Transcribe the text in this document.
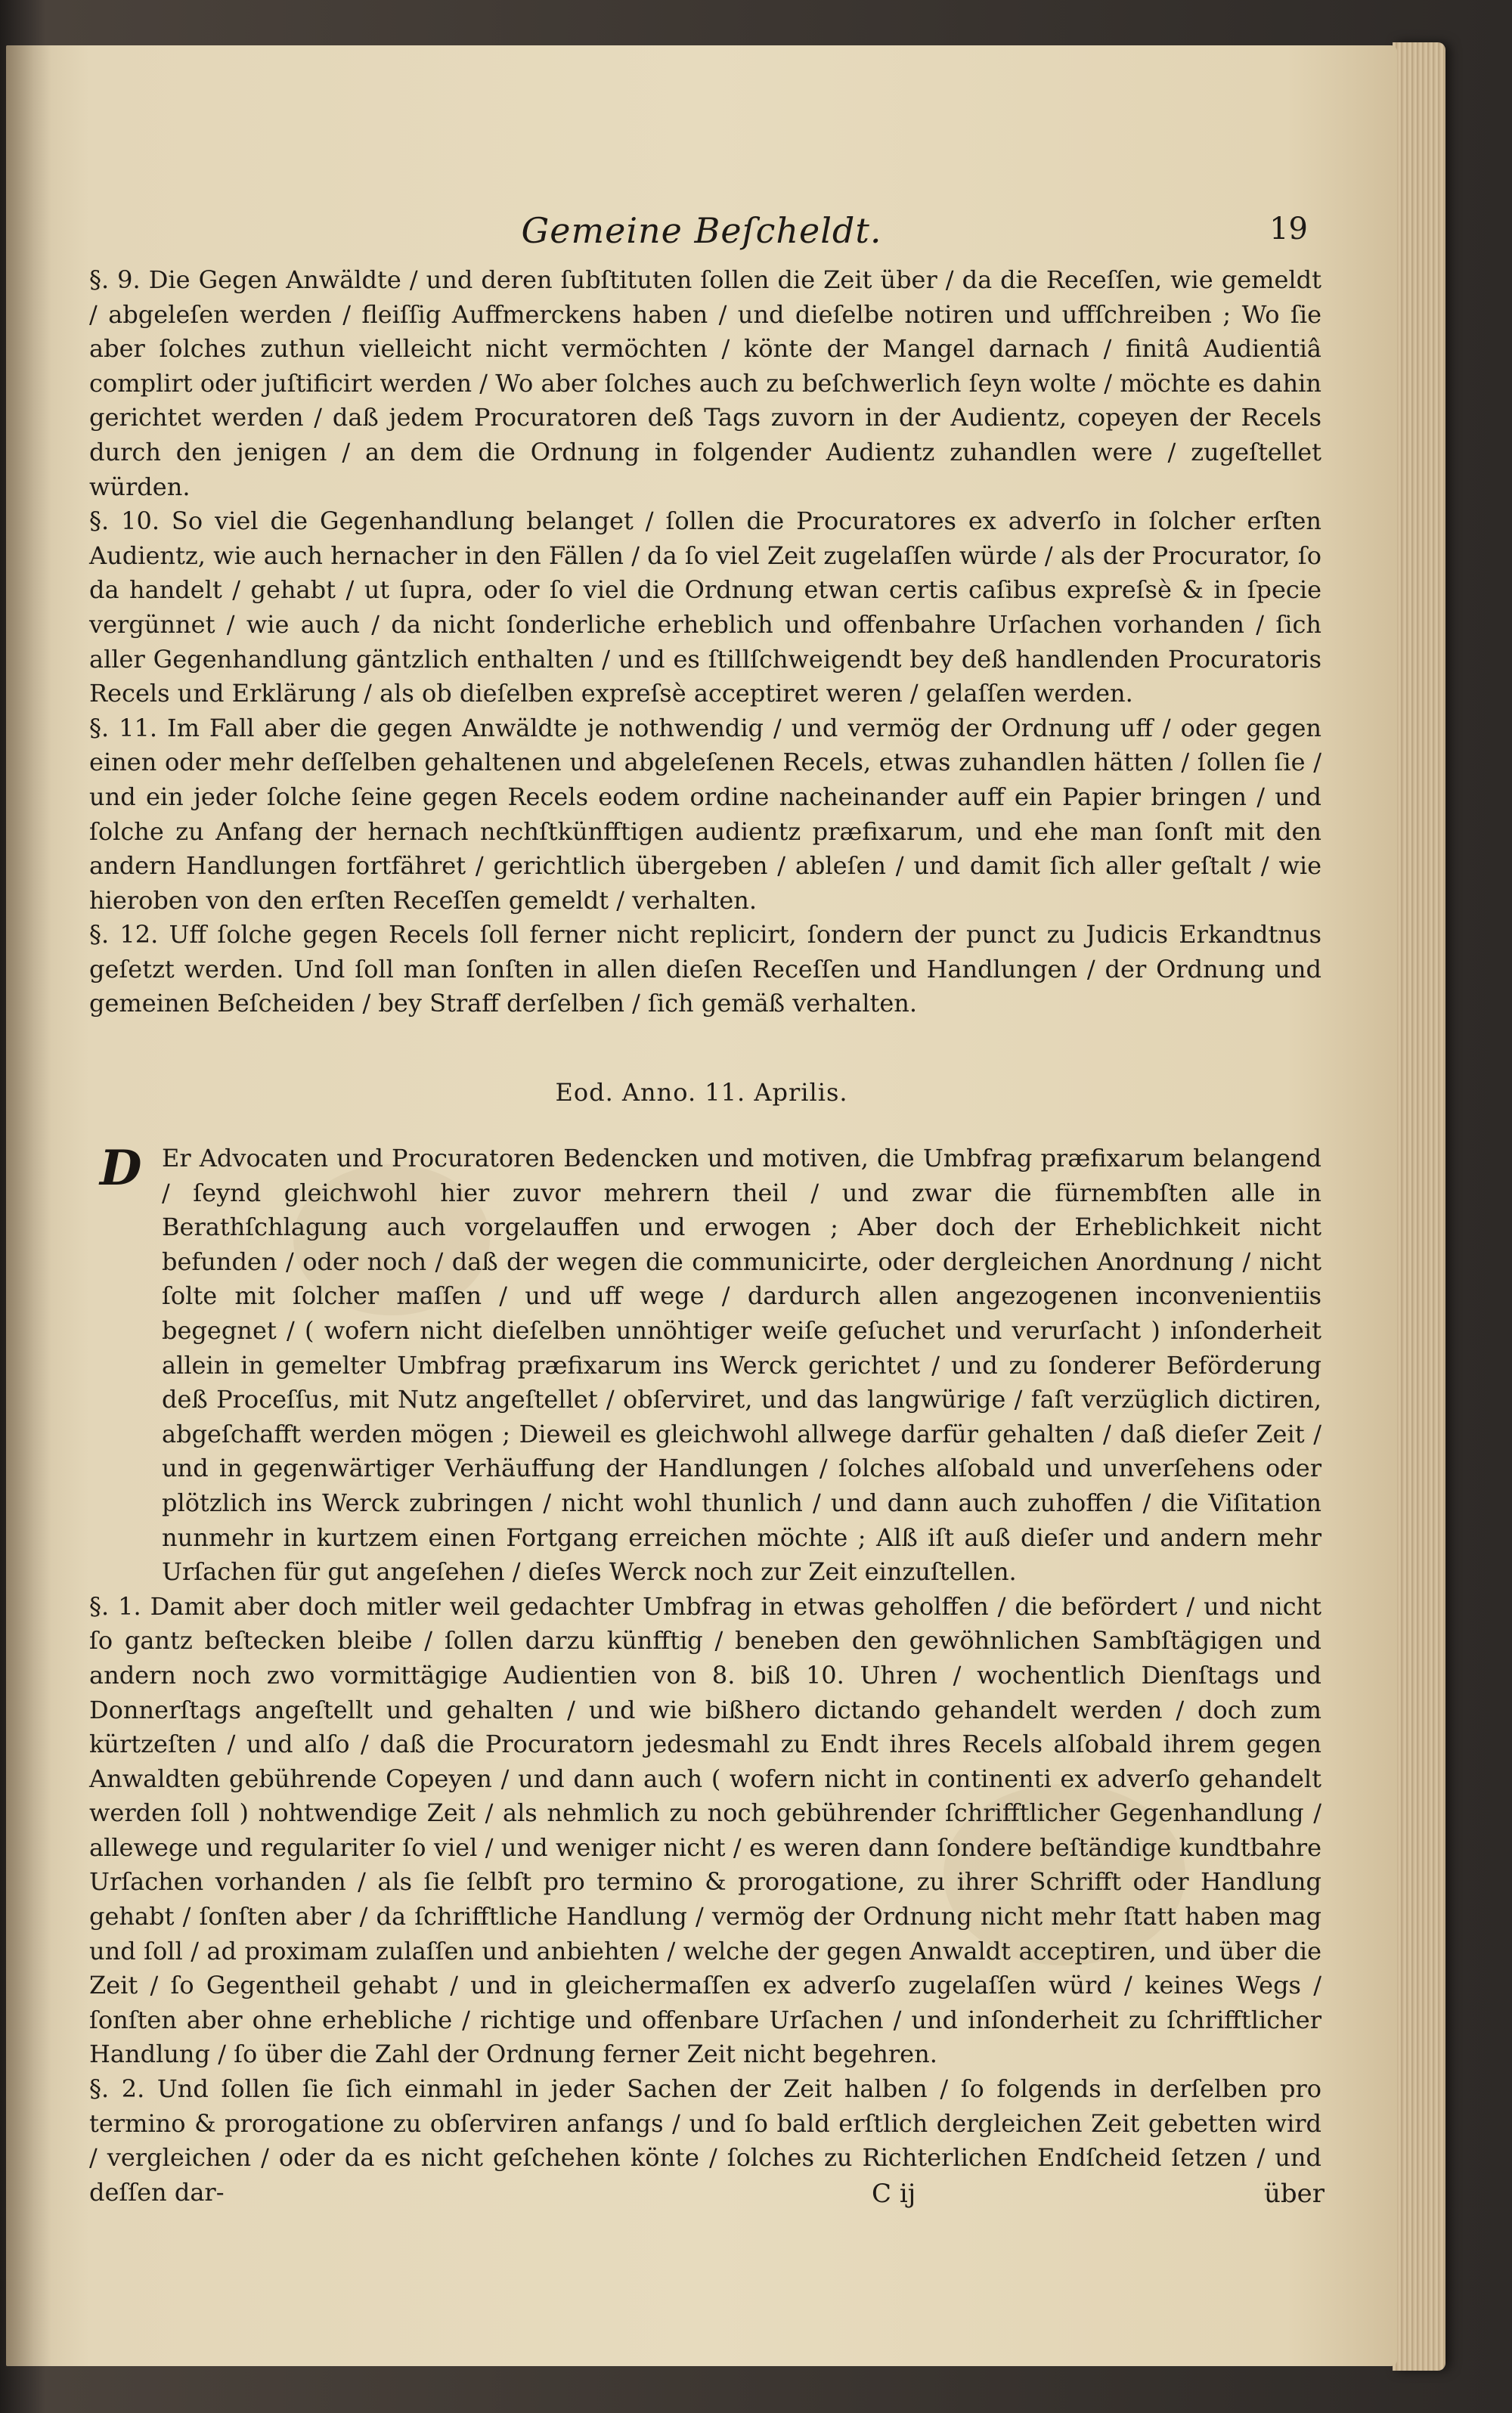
Gemeine Beſcheldt.	19

§. 9. Die Gegen Anwäldte / und deren ſubſtituten ſollen die Zeit über / da die Receſſen, wie gemeldt / abgeleſen werden / fleiſſig Auffmerckens haben / und dieſelbe notiren und uffſchreiben ; Wo ſie aber ſolches zuthun vielleicht nicht vermöchten / könte der Mangel darnach / finitâ Audientiâ complirt oder juſtificirt werden / Wo aber ſolches auch zu beſchwerlich ſeyn wolte / möchte es dahin gerichtet werden / daß jedem Procuratoren deß Tags zuvorn in der Audientz, copeyen der Recels durch den jenigen / an dem die Ordnung in folgender Audientz zuhandlen were / zugeſtellet würden.

§. 10. So viel die Gegenhandlung belanget / ſollen die Procuratores ex adverſo in ſolcher erſten Audientz, wie auch hernacher in den Fällen / da ſo viel Zeit zugelaſſen würde / als der Procurator, ſo da handelt / gehabt / ut ſupra, oder ſo viel die Ordnung etwan certis caſibus expreſsè & in ſpecie vergünnet / wie auch / da nicht ſonderliche erheblich und offenbahre Urſachen vorhanden / ſich aller Gegenhandlung gäntzlich enthalten / und es ſtillſchweigendt bey deß handlenden Procuratoris Recels und Erklärung / als ob dieſelben expreſsè acceptiret weren / gelaſſen werden.

§. 11. Im Fall aber die gegen Anwäldte je nothwendig / und vermög der Ordnung uff / oder gegen einen oder mehr deſſelben gehaltenen und abgeleſenen Recels, etwas zuhandlen hätten / ſollen ſie / und ein jeder ſolche ſeine gegen Recels eodem ordine nacheinander auff ein Papier bringen / und ſolche zu Anfang der hernach nechſtkünfftigen audientz præfixarum, und ehe man ſonſt mit den andern Handlungen fortfähret / gerichtlich übergeben / ableſen / und damit ſich aller geſtalt / wie hieroben von den erſten Receſſen gemeldt / verhalten.

§. 12. Uff ſolche gegen Recels ſoll ferner nicht replicirt, ſondern der punct zu Judicis Erkandtnus geſetzt werden. Und ſoll man ſonſten in allen dieſen Receſſen und Handlungen / der Ordnung und gemeinen Beſcheiden / bey Straff derſelben / ſich gemäß verhalten.

Eod. Anno. 11. Aprilis.
D Er Advocaten und Procuratoren Bedencken und motiven, die Umbfrag præfixarum belangend / ſeynd gleichwohl hier zuvor mehrern theil / und zwar die fürnembſten alle in Berathſchlagung auch vorgelauffen und erwogen ; Aber doch der Erheblichkeit nicht befunden / oder noch / daß der wegen die communicirte, oder dergleichen Anordnung / nicht ſolte mit ſolcher maſſen / und uff wege / dardurch allen angezogenen inconvenientiis begegnet / ( wofern nicht dieſelben unnöhtiger weiſe geſuchet und verurſacht ) inſonderheit allein in gemelter Umbfrag præfixarum ins Werck gerichtet / und zu ſonderer Beförderung deß Proceſſus, mit Nutz angeſtellet / obſerviret, und das langwürige / faſt verzüglich dictiren, abgeſchafft werden mögen ; Dieweil es gleichwohl allwege darfür gehalten / daß dieſer Zeit / und in gegenwärtiger Verhäuffung der Handlungen / ſolches alſobald und unverſehens oder plötzlich ins Werck zubringen / nicht wohl thunlich / und dann auch zuhoffen / die Viſitation nunmehr in kurtzem einen Fortgang erreichen möchte ; Alß iſt auß dieſer und andern mehr Urſachen für gut angeſehen / dieſes Werck noch zur Zeit einzuſtellen.

§. 1. Damit aber doch mitler weil gedachter Umbfrag in etwas geholffen / die befördert / und nicht ſo gantz beſtecken bleibe / ſollen darzu künfftig / beneben den gewöhnlichen Sambſtägigen und andern noch zwo vormittägige Audientien von 8. biß 10. Uhren / wochentlich Dienſtags und Donnerſtags angeſtellt und gehalten / und wie bißhero dictando gehandelt werden / doch zum kürtzeſten / und alſo / daß die Procuratorn jedesmahl zu Endt ihres Recels alſobald ihrem gegen Anwaldten gebührende Copeyen / und dann auch ( wofern nicht in continenti ex adverſo gehandelt werden ſoll ) nohtwendige Zeit / als nehmlich zu noch gebührender ſchrifftlicher Gegenhandlung / allewege und regulariter ſo viel / und weniger nicht / es weren dann ſondere beſtändige kundtbahre Urſachen vorhanden / als ſie ſelbſt pro termino & prorogatione, zu ihrer Schrifft oder Handlung gehabt / ſonſten aber / da ſchrifftliche Handlung / vermög der Ordnung nicht mehr ſtatt haben mag und ſoll / ad proximam zulaſſen und anbiehten / welche der gegen Anwaldt acceptiren, und über die Zeit / ſo Gegentheil gehabt / und in gleichermaſſen ex adverſo zugelaſſen würd / keines Wegs / ſonſten aber ohne erhebliche / richtige und offenbare Urſachen / und inſonderheit zu ſchrifftlicher Handlung / ſo über die Zahl der Ordnung ferner Zeit nicht begehren.

§. 2. Und ſollen ſie ſich einmahl in jeder Sachen der Zeit halben / ſo folgends in derſelben pro termino & prorogatione zu obſerviren anfangs / und ſo bald erſtlich dergleichen Zeit gebetten wird / vergleichen / oder da es nicht geſchehen könte / ſolches zu Richterlichen Endſcheid ſetzen / und deſſen dar-	C ij	über
